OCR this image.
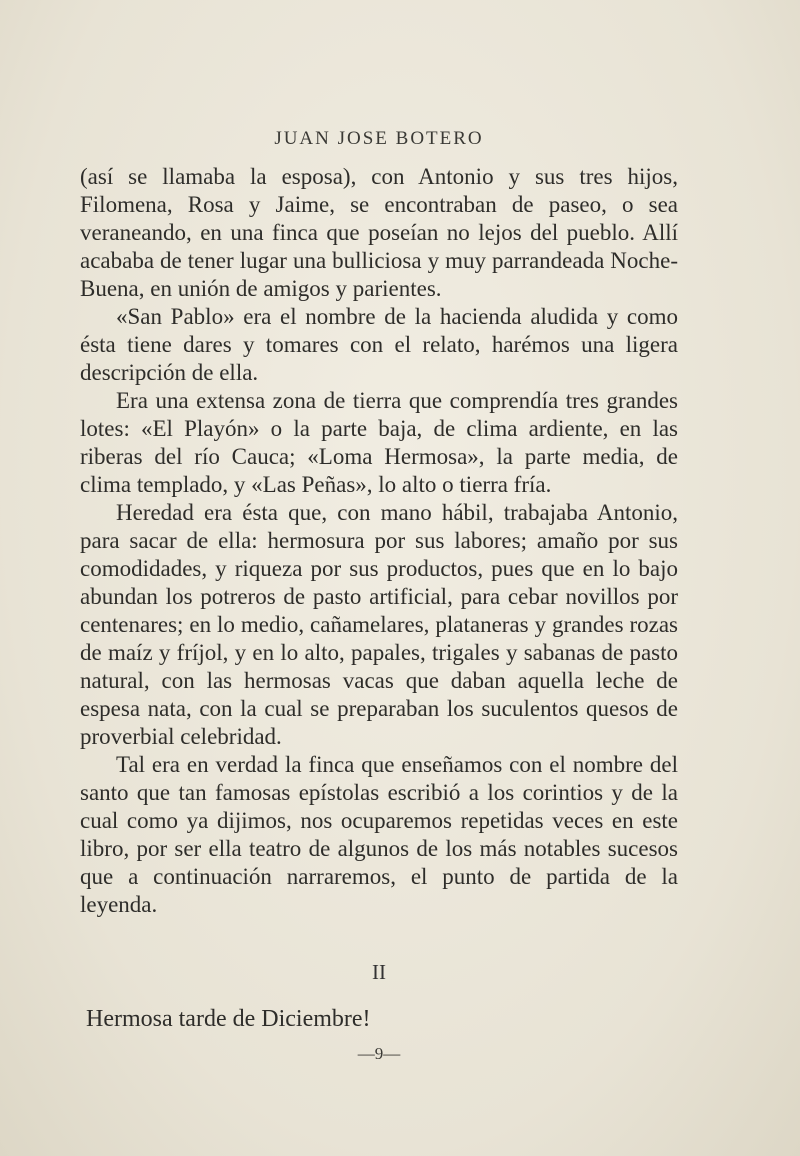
JUAN JOSE BOTERO

(así se llamaba la esposa), con Antonio y sus tres hijos, Filomena, Rosa y Jaime, se encontraban de paseo, o sea veraneando, en una finca que poseían no lejos del pueblo. Allí acababa de tener lugar una bulliciosa y muy parrandeada Noche-Buena, en unión de amigos y parientes.

«San Pablo» era el nombre de la hacienda aludida y como ésta tiene dares y tomares con el relato, harémos una ligera descripción de ella.

Era una extensa zona de tierra que comprendía tres grandes lotes: «El Playón» o la parte baja, de clima ardiente, en las riberas del río Cauca; «Loma Hermosa», la parte media, de clima templado, y «Las Peñas», lo alto o tierra fría.

Heredad era ésta que, con mano hábil, trabajaba Antonio, para sacar de ella: hermosura por sus labores; amaño por sus comodidades, y riqueza por sus productos, pues que en lo bajo abundan los potreros de pasto artificial, para cebar novillos por centenares; en lo medio, cañamelares, plataneras y grandes rozas de maíz y fríjol, y en lo alto, papales, trigales y sabanas de pasto natural, con las hermosas vacas que daban aquella leche de espesa nata, con la cual se preparaban los suculentos quesos de proverbial celebridad.

Tal era en verdad la finca que enseñamos con el nombre del santo que tan famosas epístolas escribió a los corintios y de la cual como ya dijimos, nos ocuparemos repetidas veces en este libro, por ser ella teatro de algunos de los más notables sucesos que a continuación narraremos, el punto de partida de la leyenda.

II
Hermosa tarde de Diciembre!
—9—
